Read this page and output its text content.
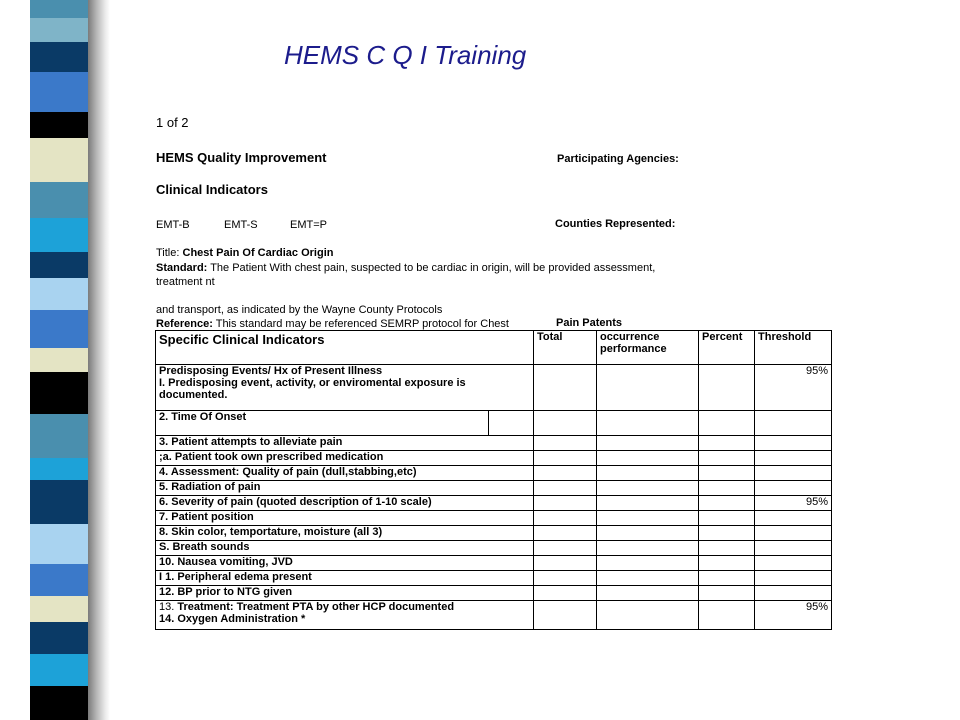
HEMS C Q I Training
1 of 2
HEMS Quality Improvement	Participating Agencies:
Clinical Indicators
EMT-B	EMT-S	EMT=P	Counties Represented:
Title: Chest Pain Of Cardiac Origin
Standard: The Patient With chest pain, suspected to be cardiac in origin, will be provided assessment,
treatment nt
and transport, as indicated by the Wayne County Protocols
Reference: This standard may be referenced SEMRP protocol for Chest	Pain Patents
Specific Clinical Indicators	Total	occurrence performance	Percent	Threshold

Predisposing Events/ Hx of Present Illness
I. Predisposing event, activity, or enviromental exposure is
documented.				95%

2. Time Of Onset				

3. Patient attempts to alleviate pain				
;a. Patient took own prescribed medication				
4. Assessment: Quality of pain (dull,stabbing,etc)				
5. Radiation of pain				
6. Severity of pain (quoted description of 1-10 scale)				95%
7. Patient position				
8. Skin color, temportature, moisture (all 3)				
S. Breath sounds				
10. Nausea vomiting, JVD				
I 1. Peripheral edema present				
12. BP prior to NTG given				

13. Treatment: Treatment PTA by other HCP documented
14. Oxygen Administration *				95%
